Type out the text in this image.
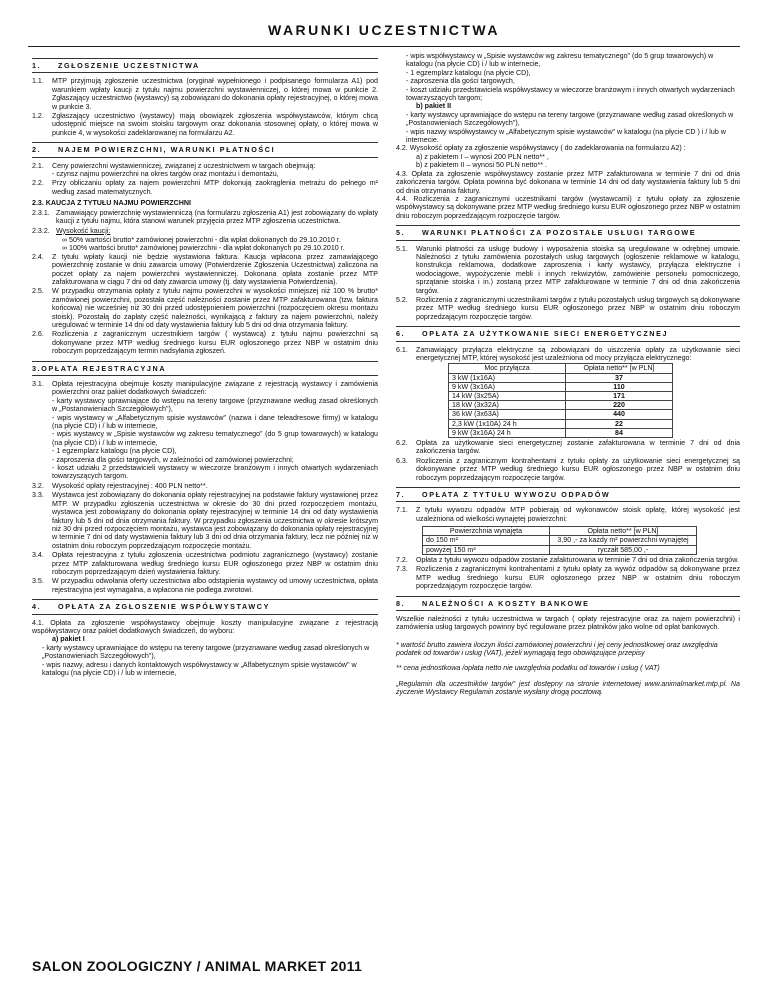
WARUNKI UCZESTNICTWA
1.	ZGŁOSZENIE UCZESTNICTWA
1.1.	MTP przyjmują zgłoszenie uczestnictwa (oryginał wypełnionego i podpisanego formularza A1) pod warunkiem wpłaty kaucji z tytułu najmu powierzchni wystawienniczej, o której mowa w punkcie 2. Zgłaszający uczestnictwo (wystawcy) są zobowiązani do dokonania opłaty rejestracyjnej, o której mowa w punkcie 3.
1.2.	Zgłaszający uczestnictwo (wystawcy) mają obowiązek zgłoszenia współwystawców, którym chcą udostępnić miejsce na swoim stoisku targowym oraz dokonania stosownej opłaty, o której mowa w punkcie 4, w wysokości zadeklarowanej na formularzu A2.
2.	NAJEM POWIERZCHNI, WARUNKI PŁATNOŚCI
2.1.	Ceny powierzchni wystawienniczej, związanej z uczestnictwem w targach obejmują:
- czynsz najmu powierzchni na okres targów oraz montażu i demontażu,
2.2.	Przy obliczaniu opłaty za najem powierzchni MTP dokonują zaokrąglenia metrażu do pełnego m² według zasad matematycznych.
2.3. KAUCJA Z TYTUŁU NAJMU POWIERZCHNI
2.3.1. Zamawiający powierzchnię wystawienniczą (na formularzu zgłoszenia A1) jest zobowiązany do wpłaty kaucji z tytułu najmu, która stanowi warunek przyjęcia przez MTP zgłoszenia uczestnictwa.
2.3.2. Wysokość kaucji:
∞ 50% wartości brutto* zamówionej powierzchni - dla wpłat dokonanych do 29.10.2010 r.
∞ 100% wartości brutto* zamówionej powierzchni - dla wpłat dokonanych po 29.10.2010 r.
2.4.	Z tytułu wpłaty kaucji nie będzie wystawiona faktura. Kaucja wpłacona przez zamawiającego powierzchnię zostanie w dniu zawarcia umowy (Potwierdzenie Zgłoszenia Uczestnictwa) zaliczona na poczet opłaty za najem powierzchni wystawienniczej. Dokonana opłata zostanie przez MTP zafakturowana w ciągu 7 dni od daty zawarcia umowy (tj. daty wystawienia Potwierdzenia).
2.5.	W przypadku otrzymania opłaty z tytułu najmu powierzchni w wysokości mniejszej niż 100 % brutto* zamówionej powierzchni, pozostała część należności zostanie przez MTP zafakturowana (tzw. faktura końcowa) nie wcześniej niż 30 dni przed udostępnieniem powierzchni (rozpoczęciem okresu montażu stoisk). Pozostałą do zapłaty część należności, wynikającą z faktury za najem powierzchni, należy uregulować w terminie 14 dni od daty wystawienia faktury lub 5 dni od dnia otrzymania faktury.
2.6.	Rozliczenia z zagranicznym uczestnikiem targów ( wystawcą) z tytułu najmu powierzchni są dokonywane przez MTP według średniego kursu EUR ogłoszonego przez NBP w ostatnim dniu roboczym poprzedzającym termin nadsyłania zgłoszeń.
3.OPŁATA REJESTRACYJNA
3.1.	Opłata rejestracyjna obejmuje koszty manipulacyjne związane z rejestracją wystawcy i zamówienia powierzchni oraz pakiet dodatkowych świadczeń:
- karty wystawcy uprawniające do wstępu na tereny targowe (przyznawane według zasad określonych w „Postanowieniach Szczegółowych"),
- wpis wystawcy w „Alfabetycznym spisie wystawców" (nazwa i dane teleadresowe firmy) w katalogu (na płycie CD) i / lub w internecie,
- wpis wystawcy w „Spisie wystawców wg zakresu tematycznego" (do 5 grup towarowych) w katalogu (na płycie CD) i / lub w internecie,
- 1 egzemplarz katalogu (na płycie CD),
- zaproszenia dla gości targowych, w zależności od zamówionej powierzchni;
- koszt udziału 2 przedstawicieli wystawcy w wieczorze branżowym i innych otwartych wydarzeniach towarzyszących targom.
3.2.	Wysokość opłaty rejestracyjnej : 400 PLN netto**.
3.3.	Wystawca jest zobowiązany do dokonania opłaty rejestracyjnej na podstawie faktury wystawionej przez MTP. W przypadku zgłoszenia uczestnictwa w okresie do 30 dni przed rozpoczęciem montażu, wystawca jest zobowiązany do dokonania opłaty rejestracyjnej w terminie 14 dni od daty wystawienia faktury lub 5 dni od dnia otrzymania faktury. W przypadku zgłoszenia uczestnictwa w okresie krótszym niż 30 dni przed rozpoczęciem montażu, wystawca jest zobowiązany do dokonania opłaty rejestracyjnej w terminie 7 dni od daty wystawienia faktury lub 3 dni od dnia otrzymania faktury, lecz nie później niż w ostatnim dniu roboczym poprzedzającym rozpoczęcie montażu.
3.4.	Opłata rejestracyjna z tytułu zgłoszenia uczestnictwa podmiotu zagranicznego (wystawcy) zostanie przez MTP zafakturowana według średniego kursu EUR ogłoszonego przez NBP w ostatnim dniu roboczym poprzedzającym dzień wystawienia faktury.
3.5.	W przypadku odwołania oferty uczestnictwa albo odstąpienia wystawcy od umowy uczestnictwa, opłata rejestracyjna jest wymagalna, a wpłacona nie podlega zwrotowi.
4.	OPŁATA ZA ZGŁOSZENIE WSPÓŁWYSTAWCY
4.1. Opłata za zgłoszenie współwystawcy obejmuje koszty manipulacyjne związane z rejestracją współwystawcy oraz pakiet dodatkowych świadczeń, do wyboru:
a) pakiet I
- karty wystawcy uprawniające do wstępu na tereny targowe (przyznawane według zasad określonych w „Postanowieniach Szczegółowych"),
- wpis nazwy, adresu i danych kontaktowych współwystawcy w „Alfabetycznym spisie wystawców" w katalogu (na płycie CD) i / lub w internecie,
- wpis współwystawcy w „Spisie wystawców wg zakresu tematycznego" (do 5 grup towarowych) w katalogu (na płycie CD) i / lub w internecie,
- 1 egzemplarz katalogu (na płycie CD),
- zaproszenia dla gości targowych,
- koszt udziału przedstawiciela współwystawcy w wieczorze branżowym i innych otwartych wydarzeniach towarzyszących targom;
b) pakiet II
- karty wystawcy uprawniające do wstępu na tereny targowe (przyznawane według zasad określonych w „Postanowieniach Szczegółowych"),
- wpis nazwy współwystawcy w „Alfabetycznym spisie wystawców" w katalogu (na płycie CD ) i / lub w internecie.
4.2. Wysokość opłaty za zgłoszenie współwystawcy ( do zadeklarowania na formularzu A2) :
a) z pakietem I – wynosi 200 PLN netto** ,
b) z pakietem II – wynosi 50 PLN netto** .
4.3. Opłata za zgłoszenie współwystawcy zostanie przez MTP zafakturowana w terminie 7 dni od dnia zakończenia targów. Opłata powinna być dokonana w terminie 14 dni od daty wystawienia faktury lub 5 dni od dnia otrzymania faktury.
4.4. Rozliczenia z zagranicznymi uczestnikami targów (wystawcami) z tytułu opłaty za zgłoszenie współwystawcy są dokonywane przez MTP według średniego kursu EUR ogłoszonego przez NBP w ostatnim dniu roboczym poprzedzającym rozpoczęcie targów.
5.	WARUNKI PŁATNOŚCI ZA POZOSTAŁE USŁUGI TARGOWE
5.1.	Warunki płatności za usługę budowy i wyposażenia stoiska są uregulowane w odrębnej umowie. Należności z tytułu zamówienia pozostałych usług targowych (ogłoszenie reklamowe w katalogu, konstrukcja reklamowa, dodatkowe zaproszenia i karty wystawcy, przyłącza elektryczne i wodociągowe, wypożyczenie mebli i innych rekwizytów, zamówienie personelu pomocniczego, sprzątanie stoiska i in.) zostaną przez MTP zafakturowane w terminie 7 dni od dnia zakończenia targów.
5.2.	Rozliczenia z zagranicznymi uczestnikami targów z tytułu pozostałych usług targowych są dokonywane przez MTP według średniego kursu EUR ogłoszonego przez NBP w ostatnim dniu roboczym poprzedzającym rozpoczęcie targów.
6.	OPŁATA ZA UŻYTKOWANIE SIECI ENERGETYCZNEJ
6.1.	Zamawiający przyłącza elektryczne są zobowiązani do uiszczenia opłaty za użytkowanie sieci energetycznej MTP, której wysokość jest uzależniona od mocy przyłącza elektrycznego:
Moc przyłącza	Opłata netto** [w PLN]
3 kW (1x16A)	37
9 kW (3x16A)	110
14 kW (3x25A)	171
18 kW (3x32A)	220
36 kW (3x63A)	440
2,3 kW (1x10A) 24 h	22
9 kW (3x16A) 24 h	84
6.2.	Opłata za użytkowanie sieci energetycznej zostanie zafakturowana w terminie 7 dni od dnia zakończenia targów.
6.3.	Rozliczenia z zagranicznym kontrahentami z tytułu opłaty za użytkowanie sieci energetycznej są dokonywane przez MTP według średniego kursu EUR ogłoszonego przez NBP w ostatnim dniu roboczym poprzedzającym rozpoczęcie targów.
7.	OPŁATA Z TYTUŁU WYWOZU ODPADÓW
7.1.	Z tytułu wywozu odpadów MTP pobierają od wykonawców stoisk opłatę, której wysokość jest uzależniona od wielkości wynajętej powierzchni:
Powierzchnia wynajęta	Opłata netto** [w PLN]
do 150 m²	3,90 ,- za każdy m² powierzchni wynajętej
powyżej 150 m²	ryczałt 585,00 ,-
7.2.	Opłata z tytułu wywozu odpadów zostanie zafakturowana w terminie 7 dni od dnia zakończenia targów.
7.3.	Rozliczenia z zagranicznymi kontrahentami z tytułu opłaty za wywóz odpadów są dokonywane przez MTP według średniego kursu EUR ogłoszonego przez NBP w ostatnim dniu roboczym poprzedzającym rozpoczęcie targów.
8.	NALEŻNOŚCI A KOSZTY BANKOWE
Wszelkie należności z tytułu uczestnictwa w targach ( opłaty rejestracyjne oraz za najem powierzchni) i zamówienia usług targowych powinny być regulowane przez płatników jako wolne od opłat bankowych.
* wartość brutto zawiera iloczyn ilości zamówionej powierzchni i jej ceny jednostkowej oraz uwzględnia podatek od towarów i usług (VAT), jeżeli wymagają tego obowiązujące przepisy
** cena jednostkowa /opłata netto nie uwzględnia podatku od towarów i usług ( VAT)
„Regulamin dla uczestników targów" jest dostępny na stronie internetowej www.animalmarket.mtp.pl. Na życzenie Wystawcy Regulamin zostanie wysłany drogą pocztową.
SALON ZOOLOGICZNY / ANIMAL MARKET 2011
